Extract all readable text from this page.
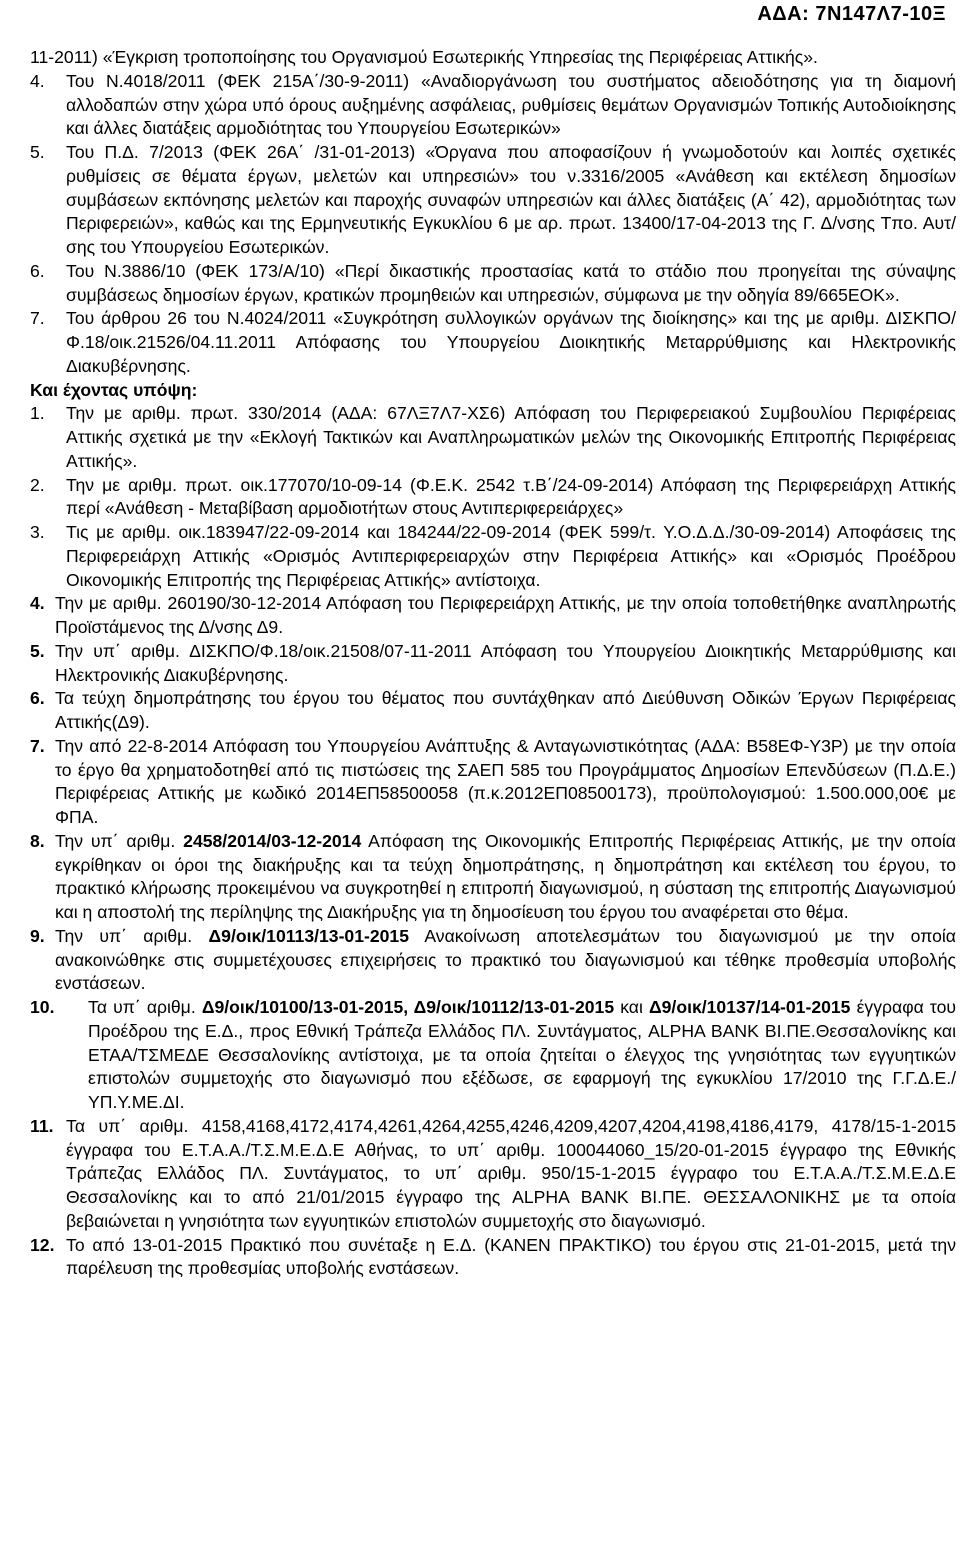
ΑΔΑ: 7Ν147Λ7-10Ξ

11-2011) «Έγκριση τροποποίησης του Οργανισμού Εσωτερικής Υπηρεσίας της Περιφέρειας Αττικής».

4.	Του Ν.4018/2011 (ΦΕΚ 215Α΄/30-9-2011) «Αναδιοργάνωση του συστήματος αδειοδότησης για τη διαμονή αλλοδαπών στην χώρα υπό όρους αυξημένης ασφάλειας, ρυθμίσεις θεμάτων Οργανισμών Τοπικής Αυτοδιοίκησης και άλλες διατάξεις αρμοδιότητας του Υπουργείου Εσωτερικών»
5.	Του Π.Δ. 7/2013 (ΦΕΚ 26Α΄ /31-01-2013) «Όργανα που αποφασίζουν ή γνωμοδοτούν και λοιπές σχετικές ρυθμίσεις σε θέματα έργων, μελετών και υπηρεσιών» του ν.3316/2005 «Ανάθεση και εκτέλεση δημοσίων συμβάσεων εκπόνησης μελετών και παροχής συναφών υπηρεσιών και άλλες διατάξεις (Α΄ 42), αρμοδιότητας των Περιφερειών», καθώς και της Ερμηνευτικής Εγκυκλίου 6 με αρ. πρωτ. 13400/17-04-2013 της Γ. Δ/νσης Τπο. Αυτ/σης του Υπουργείου Εσωτερικών.
6.	Του Ν.3886/10 (ΦΕΚ 173/Α/10) «Περί δικαστικής προστασίας κατά το στάδιο που προηγείται της σύναψης συμβάσεως δημοσίων έργων, κρατικών προμηθειών και υπηρεσιών, σύμφωνα με την οδηγία 89/665ΕΟΚ».
7.	Του άρθρου 26 του Ν.4024/2011 «Συγκρότηση συλλογικών οργάνων της διοίκησης» και της με αριθμ. ΔΙΣΚΠΟ/Φ.18/οικ.21526/04.11.2011 Απόφασης του Υπουργείου Διοικητικής Μεταρρύθμισης και Ηλεκτρονικής Διακυβέρνησης.

Και έχοντας υπόψη:

1.	Την με αριθμ. πρωτ. 330/2014 (ΑΔΑ: 67ΛΞ7Λ7-ΧΣ6) Απόφαση του Περιφερειακού Συμβουλίου Περιφέρειας Αττικής σχετικά με την «Εκλογή Τακτικών και Αναπληρωματικών μελών της Οικονομικής Επιτροπής Περιφέρειας Αττικής».
2.	Την με αριθμ. πρωτ. οικ.177070/10-09-14 (Φ.Ε.Κ. 2542 τ.Β΄/24-09-2014) Απόφαση της Περιφερειάρχη Αττικής περί «Ανάθεση - Μεταβίβαση αρμοδιοτήτων στους Αντιπεριφερειάρχες»
3.	Τις με αριθμ. οικ.183947/22-09-2014 και 184244/22-09-2014 (ΦΕΚ 599/τ. Υ.Ο.Δ.Δ./30-09-2014) Αποφάσεις της Περιφερειάρχη Αττικής «Ορισμός Αντιπεριφερειαρχών στην Περιφέρεια Αττικής» και «Ορισμός Προέδρου Οικονομικής Επιτροπής της Περιφέρειας Αττικής» αντίστοιχα.
4. Την με αριθμ. 260190/30-12-2014 Απόφαση του Περιφερειάρχη Αττικής, με την οποία τοποθετήθηκε αναπληρωτής Προϊστάμενος της Δ/νσης Δ9.
5. Την υπ΄ αριθμ. ΔΙΣΚΠΟ/Φ.18/οικ.21508/07-11-2011 Απόφαση του Υπουργείου Διοικητικής Μεταρρύθμισης και Ηλεκτρονικής Διακυβέρνησης.
6. Τα τεύχη δημοπράτησης του έργου του θέματος που συντάχθηκαν από Διεύθυνση Οδικών Έργων Περιφέρειας Αττικής(Δ9).
7. Την από 22-8-2014 Απόφαση του Υπουργείου Ανάπτυξης & Ανταγωνιστικότητας (ΑΔΑ: Β58ΕΦ-Υ3Ρ) με την οποία το έργο θα χρηματοδοτηθεί από τις πιστώσεις της ΣΑΕΠ 585 του Προγράμματος Δημοσίων Επενδύσεων (Π.Δ.Ε.) Περιφέρειας Αττικής με κωδικό 2014ΕΠ58500058 (π.κ.2012ΕΠ08500173), προϋπολογισμού: 1.500.000,00€ με ΦΠΑ.
8. Την υπ΄ αριθμ. 2458/2014/03-12-2014 Απόφαση της Οικονομικής Επιτροπής Περιφέρειας Αττικής, με την οποία εγκρίθηκαν οι όροι της διακήρυξης και τα τεύχη δημοπράτησης, η δημοπράτηση και εκτέλεση του έργου, το πρακτικό κλήρωσης προκειμένου να συγκροτηθεί η επιτροπή διαγωνισμού, η σύσταση της επιτροπής Διαγωνισμού και η αποστολή της περίληψης της Διακήρυξης για τη δημοσίευση του έργου του αναφέρεται στο θέμα.
9. Την υπ΄ αριθμ. Δ9/οικ/10113/13-01-2015 Ανακοίνωση αποτελεσμάτων του διαγωνισμού με την οποία ανακοινώθηκε στις συμμετέχουσες επιχειρήσεις το πρακτικό του διαγωνισμού και τέθηκε προθεσμία υποβολής ενστάσεων.
10.	Τα υπ΄ αριθμ. Δ9/οικ/10100/13-01-2015, Δ9/οικ/10112/13-01-2015 και Δ9/οικ/10137/14-01-2015 έγγραφα του Προέδρου της Ε.Δ., προς Εθνική Τράπεζα Ελλάδος ΠΛ. Συντάγματος, ALPHA BANK ΒΙ.ΠΕ.Θεσσαλονίκης και ΕΤΑΑ/ΤΣΜΕΔΕ Θεσσαλονίκης αντίστοιχα, με τα οποία ζητείται ο έλεγχος της γνησιότητας των εγγυητικών επιστολών συμμετοχής στο διαγωνισμό που εξέδωσε, σε εφαρμογή της εγκυκλίου 17/2010 της Γ.Γ.Δ.Ε./ΥΠ.Υ.ΜΕ.ΔΙ.
11. Τα υπ΄ αριθμ. 4158,4168,4172,4174,4261,4264,4255,4246,4209,4207,4204,4198,4186,4179, 4178/15-1-2015 έγγραφα του Ε.Τ.Α.Α./Τ.Σ.Μ.Ε.Δ.Ε Αθήνας, το υπ΄ αριθμ. 100044060_15/20-01-2015 έγγραφο της Εθνικής Τράπεζας Ελλάδος ΠΛ. Συντάγματος, το υπ΄ αριθμ. 950/15-1-2015 έγγραφο του Ε.Τ.Α.Α./Τ.Σ.Μ.Ε.Δ.Ε Θεσσαλονίκης και το από 21/01/2015 έγγραφο της ALPHA BANK ΒΙ.ΠΕ. ΘΕΣΣΑΛΟΝΙΚΗΣ με τα οποία βεβαιώνεται η γνησιότητα των εγγυητικών επιστολών συμμετοχής στο διαγωνισμό.
12. Το από 13-01-2015 Πρακτικό που συνέταξε η Ε.Δ. (ΚΑΝΕΝ ΠΡΑΚΤΙΚΟ) του έργου στις 21-01-2015, μετά την παρέλευση της προθεσμίας υποβολής ενστάσεων.
